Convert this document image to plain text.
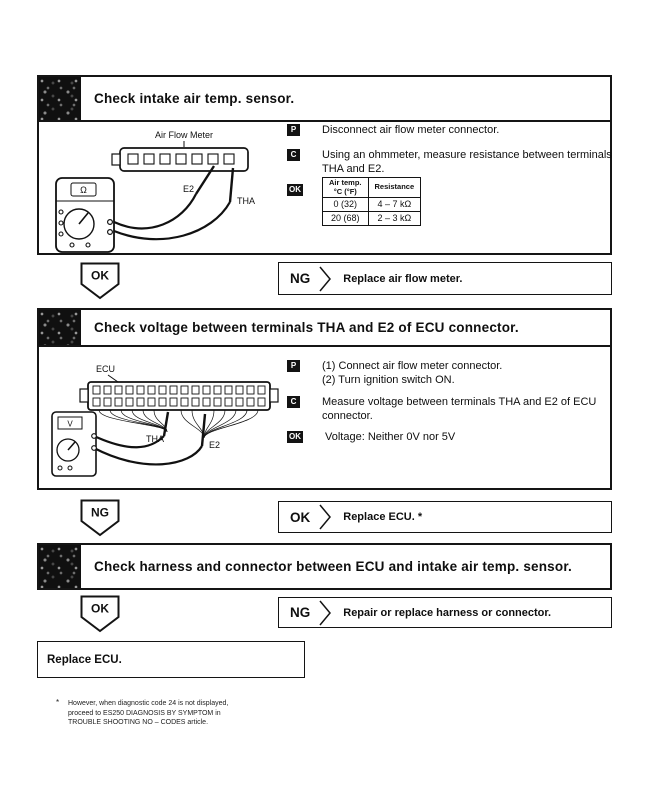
Check intake air temp. sensor.
Air Flow Meter
E2
THA
Ω
P	Disconnect air flow meter connector.
C	Using an ohmmeter, measure resistance between terminals THA and E2.
OK
Air temp.
°C (°F)	Resistance
0 (32)	4 – 7 kΩ
20 (68)	2 – 3 kΩ
OK	NG	Replace air flow meter.
Check voltage between terminals THA and E2 of ECU connector.
ECU
THA
E2
V
P	(1) Connect air flow meter connector.
(2) Turn ignition switch ON.
C	Measure voltage between terminals THA and E2 of ECU connector.
OK Voltage: Neither 0V nor 5V
NG	OK	Replace ECU. *
Check harness and connector between ECU and intake air temp. sensor.
OK	NG	Repair or replace harness or connector.
Replace ECU.
* However, when diagnostic code 24 is not displayed,
proceed to ES250 DIAGNOSIS BY SYMPTOM in
TROUBLE SHOOTING NO – CODES article.
